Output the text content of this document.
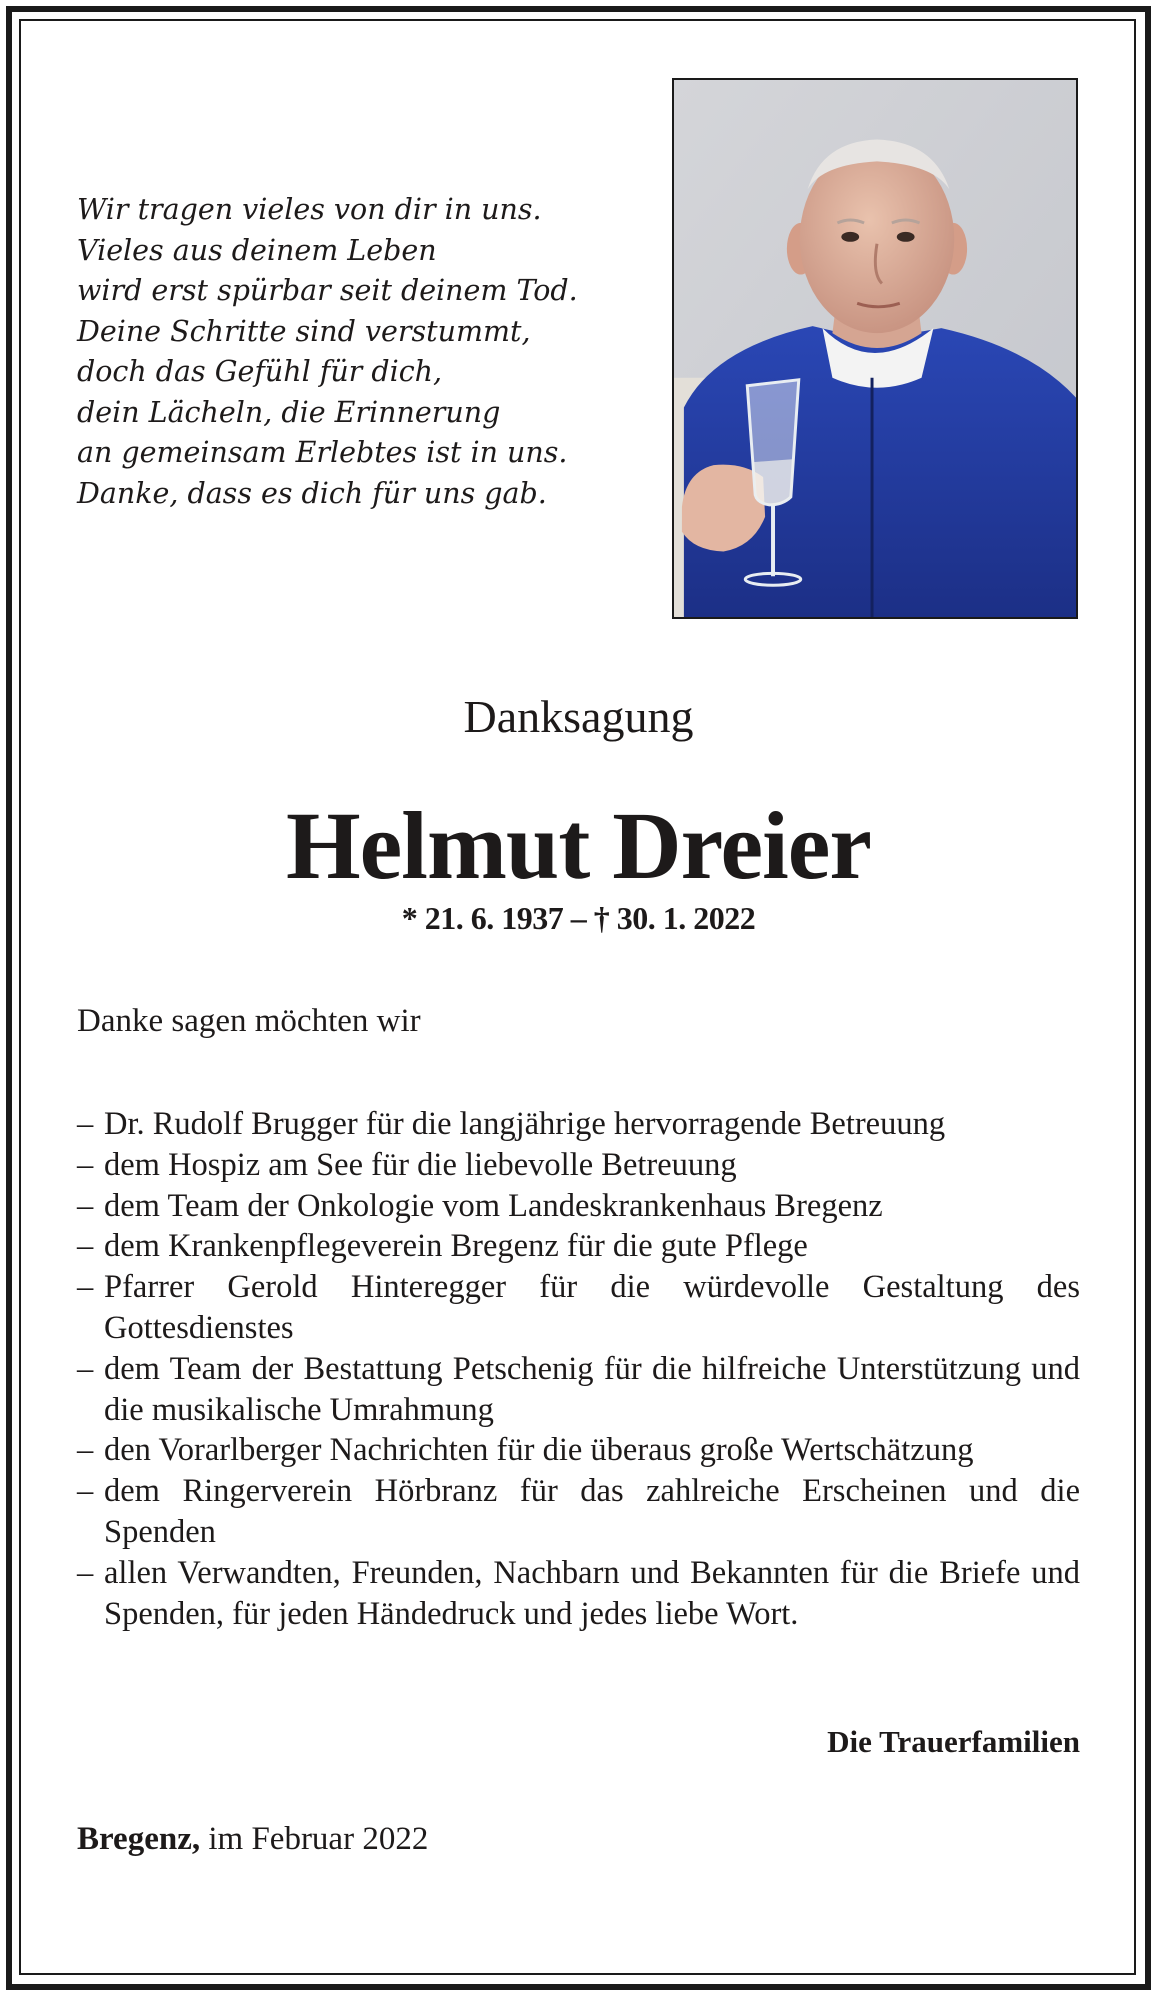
Wir tragen vieles von dir in uns.
Vieles aus deinem Leben
wird erst spürbar seit deinem Tod.
Deine Schritte sind verstummt,
doch das Gefühl für dich,
dein Lächeln, die Erinnerung
an gemeinsam Erlebtes ist in uns.
Danke, dass es dich für uns gab.
Danksagung
Helmut Dreier
* 21. 6. 1937 – † 30. 1. 2022
Danke sagen möchten wir
– Dr. Rudolf Brugger für die langjährige hervorragende Betreuung
– dem Hospiz am See für die liebevolle Betreuung
– dem Team der Onkologie vom Landeskrankenhaus Bregenz
– dem Krankenpflegeverein Bregenz für die gute Pflege
– Pfarrer Gerold Hinteregger für die würdevolle Gestaltung des Gottesdienstes
– dem Team der Bestattung Petschenig für die hilfreiche Unterstützung und die musikalische Umrahmung
– den Vorarlberger Nachrichten für die überaus große Wertschätzung
– dem Ringerverein Hörbranz für das zahlreiche Erscheinen und die Spenden
– allen Verwandten, Freunden, Nachbarn und Bekannten für die Briefe und Spenden, für jeden Händedruck und jedes liebe Wort.
Die Trauerfamilien
Bregenz, im Februar 2022
